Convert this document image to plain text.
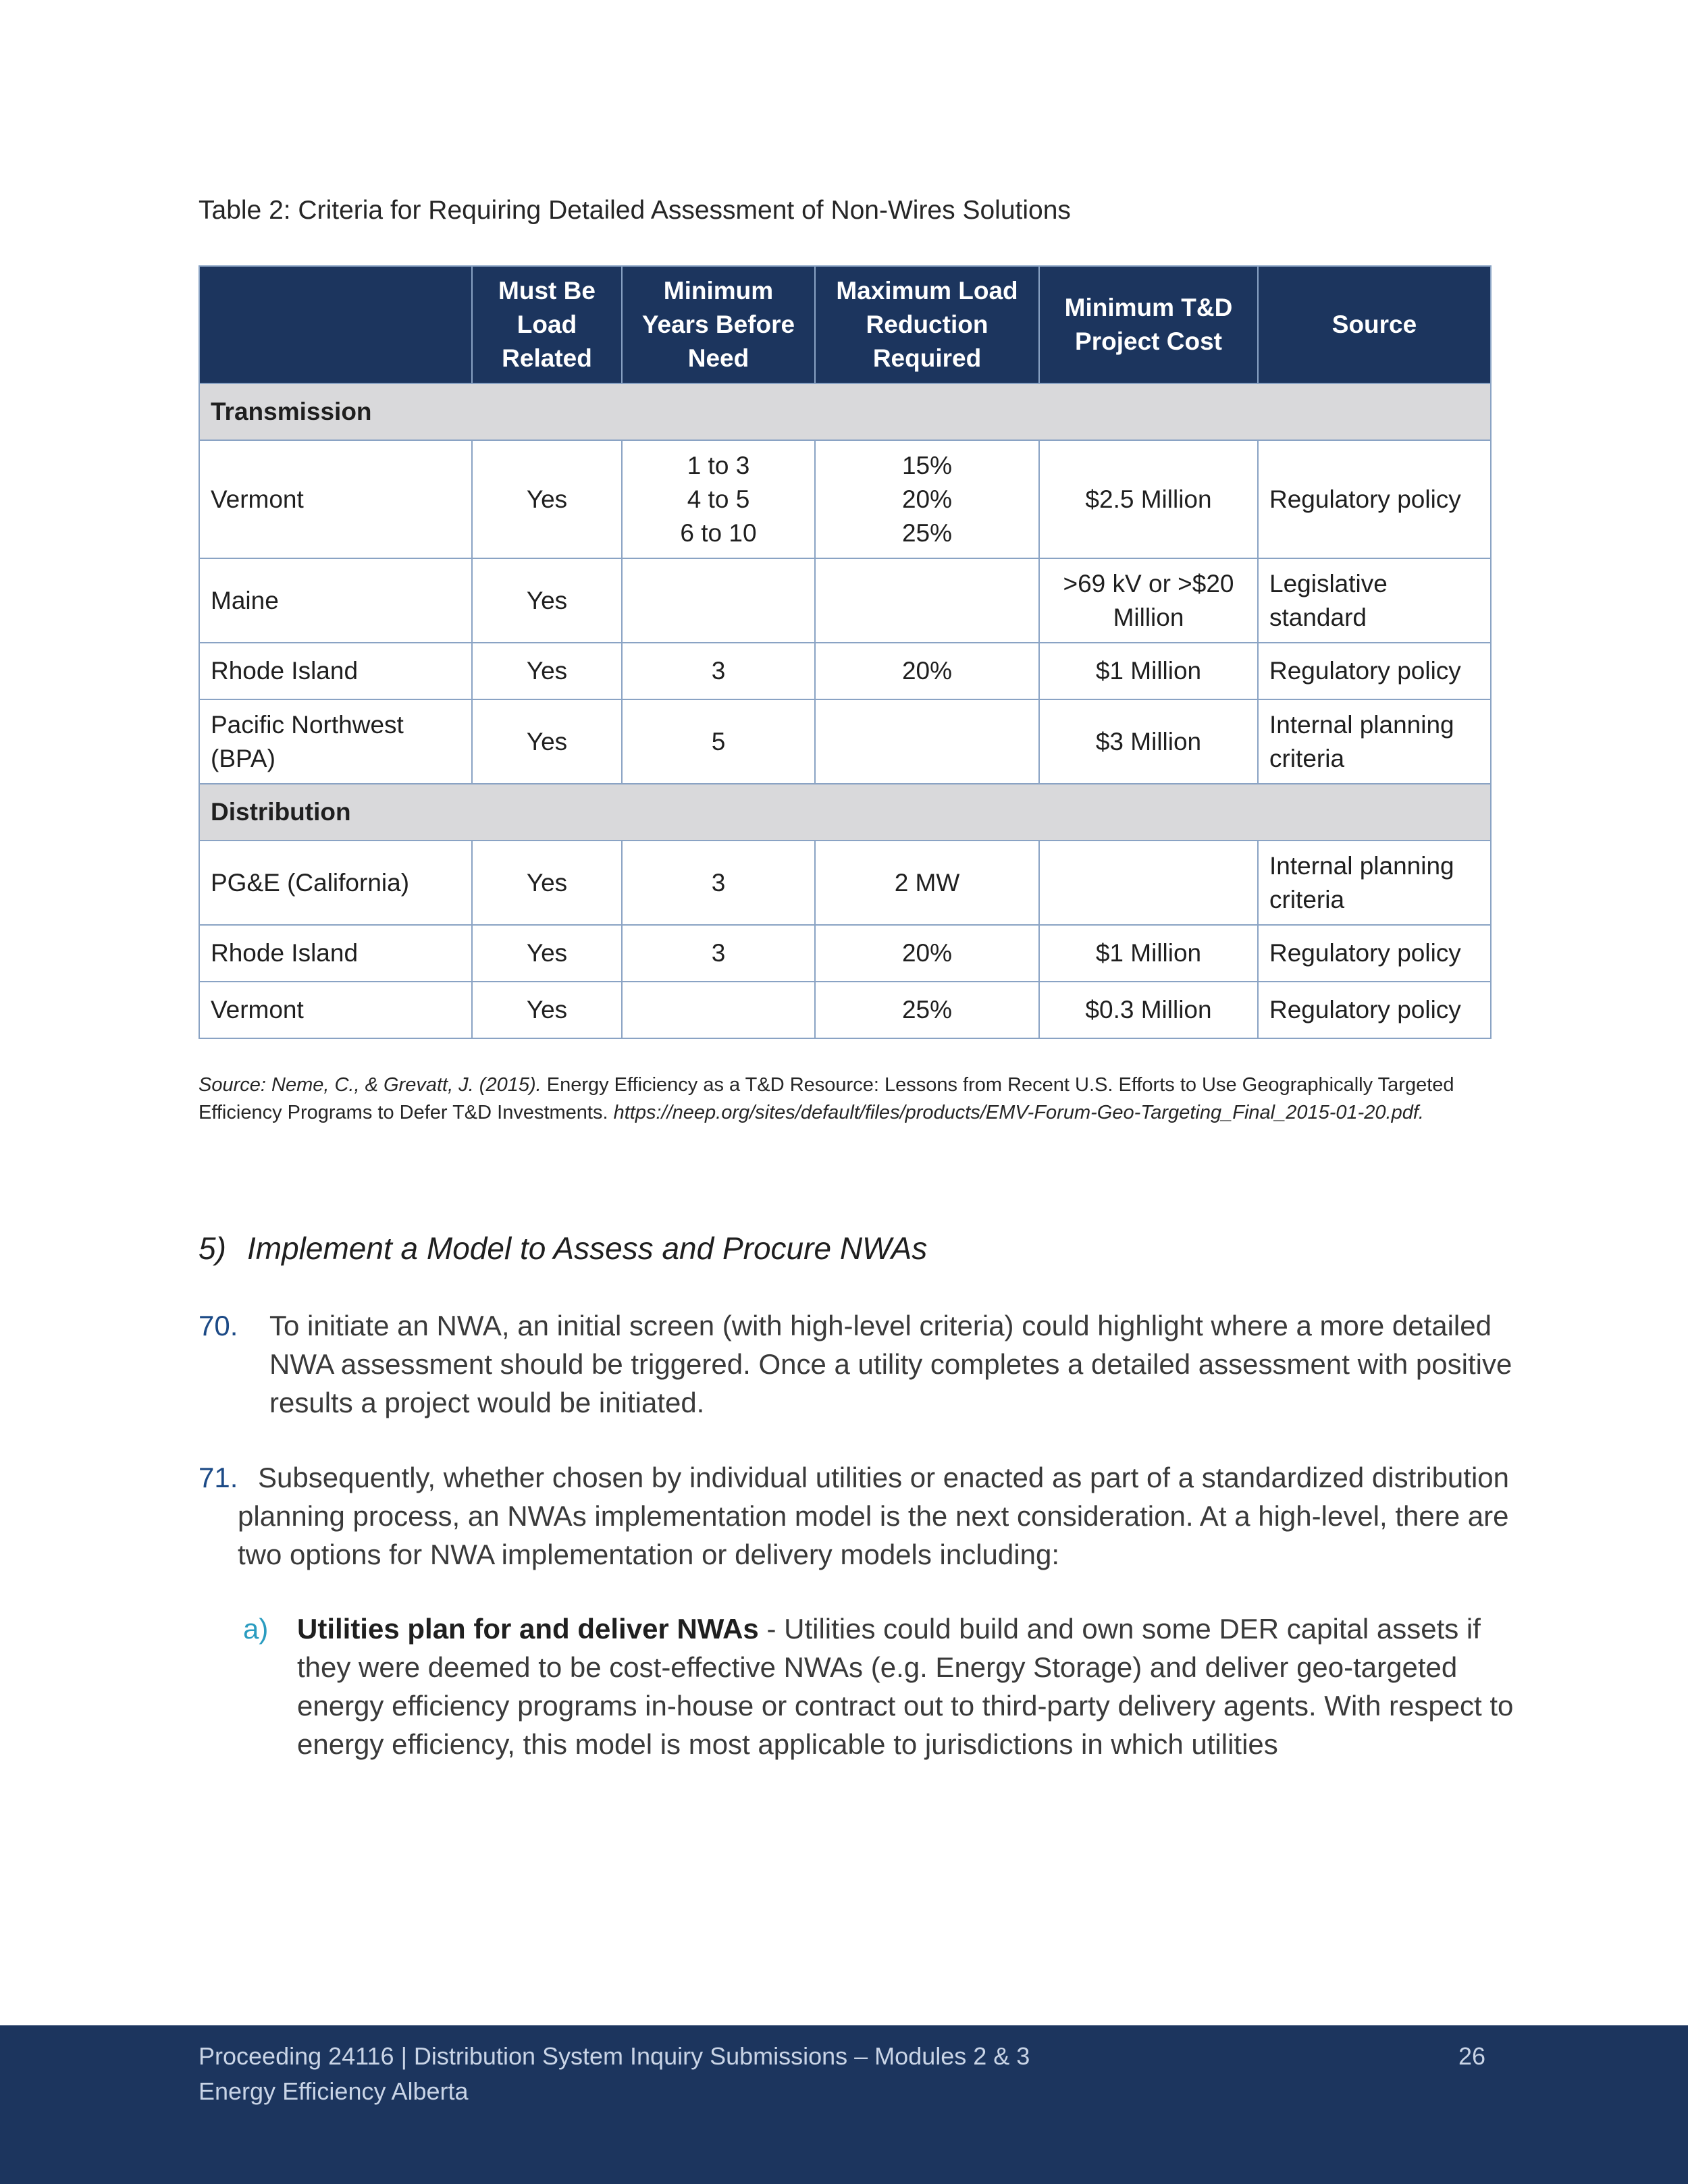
Table 2: Criteria for Requiring Detailed Assessment of Non-Wires Solutions

	Must Be
Load
Related	Minimum
Years Before
Need	Maximum Load
Reduction
Required	Minimum T&D
Project Cost	Source
Transmission					
Vermont	Yes	1 to 3
4 to 5
6 to 10	15%
20%
25%	$2.5 Million	Regulatory policy
Maine	Yes			>69 kV or >$20
Million	Legislative
standard
Rhode Island	Yes	3	20%	$1 Million	Regulatory policy
Pacific Northwest
(BPA)	Yes	5		$3 Million	Internal planning
criteria
Distribution					
PG&E (California)	Yes	3	2 MW		Internal planning
criteria
Rhode Island	Yes	3	20%	$1 Million	Regulatory policy
Vermont	Yes		25%	$0.3 Million	Regulatory policy
Source: Neme, C., & Grevatt, J. (2015). Energy Efficiency as a T&D Resource: Lessons from Recent U.S. Efforts to Use Geographically Targeted Efficiency Programs to Defer T&D Investments. https://neep.org/sites/default/files/products/EMV-Forum-Geo-Targeting_Final_2015-01-20.pdf.
5) Implement a Model to Assess and Procure NWAs

70. To initiate an NWA, an initial screen (with high-level criteria) could highlight where a more detailed NWA assessment should be triggered. Once a utility completes a detailed assessment with positive results a project would be initiated.

71. Subsequently, whether chosen by individual utilities or enacted as part of a standardized distribution planning process, an NWAs implementation model is the next consideration. At a high-level, there are two options for NWA implementation or delivery models including:

a) Utilities plan for and deliver NWAs - Utilities could build and own some DER capital assets if they were deemed to be cost-effective NWAs (e.g. Energy Storage) and deliver geo-targeted energy efficiency programs in-house or contract out to third-party delivery agents. With respect to energy efficiency, this model is most applicable to jurisdictions in which utilities

Proceeding 24116 | Distribution System Inquiry Submissions – Modules 2 & 3
Energy Efficiency Alberta
26
